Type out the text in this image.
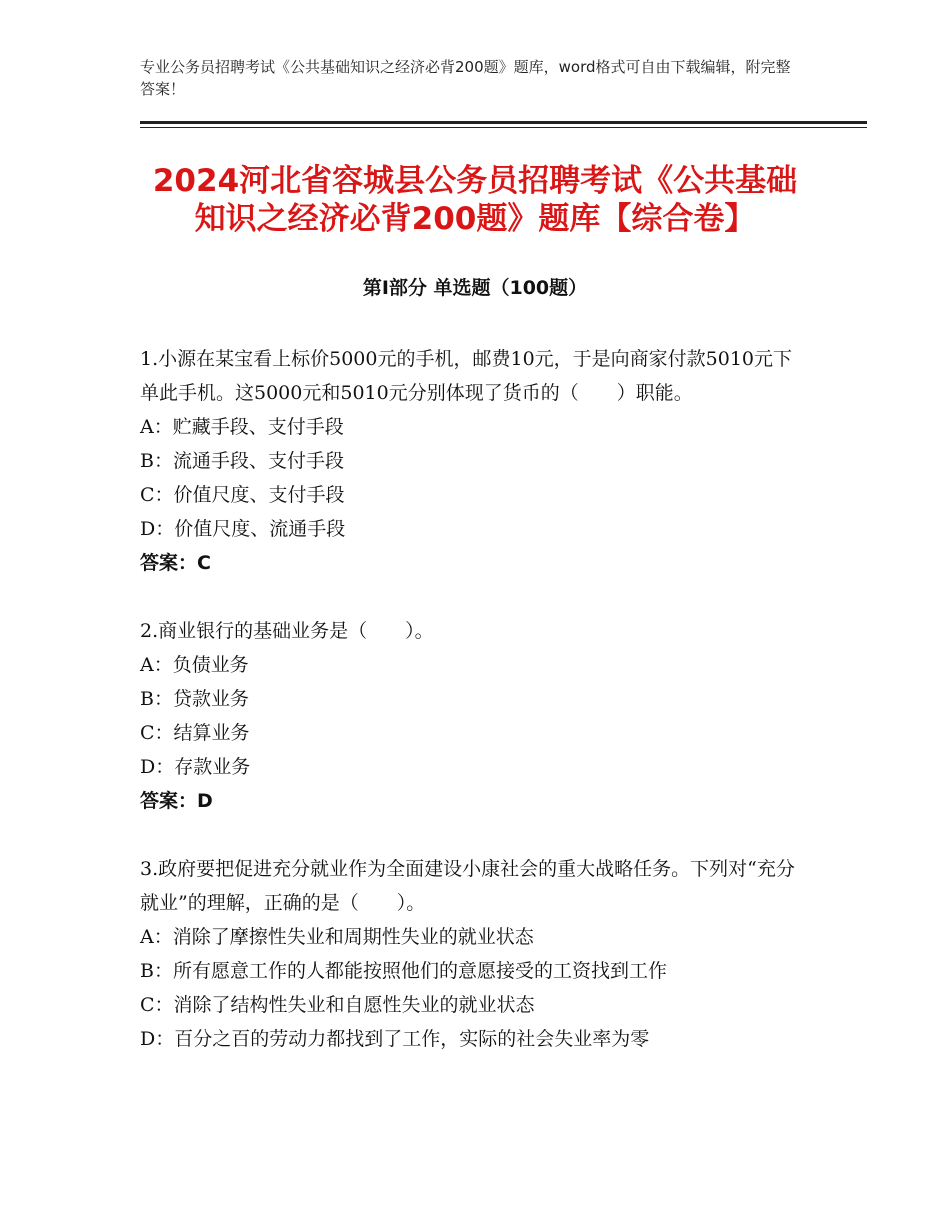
专业公务员招聘考试《公共基础知识之经济必背200题》题库，word格式可自由下载编辑，附完整答案！
2024河北省容城县公务员招聘考试《公共基础知识之经济必背200题》题库【综合卷】
第I部分 单选题（100题）
1.小源在某宝看上标价5000元的手机，邮费10元，于是向商家付款5010元下单此手机。这5000元和5010元分别体现了货币的（　　）职能。
A：贮藏手段、支付手段
B：流通手段、支付手段
C：价值尺度、支付手段
D：价值尺度、流通手段
答案：C
2.商业银行的基础业务是（　　）。
A：负债业务
B：贷款业务
C：结算业务
D：存款业务
答案：D
3.政府要把促进充分就业作为全面建设小康社会的重大战略任务。下列对“充分就业”的理解，正确的是（　　）。
A：消除了摩擦性失业和周期性失业的就业状态
B：所有愿意工作的人都能按照他们的意愿接受的工资找到工作
C：消除了结构性失业和自愿性失业的就业状态
D：百分之百的劳动力都找到了工作，实际的社会失业率为零
